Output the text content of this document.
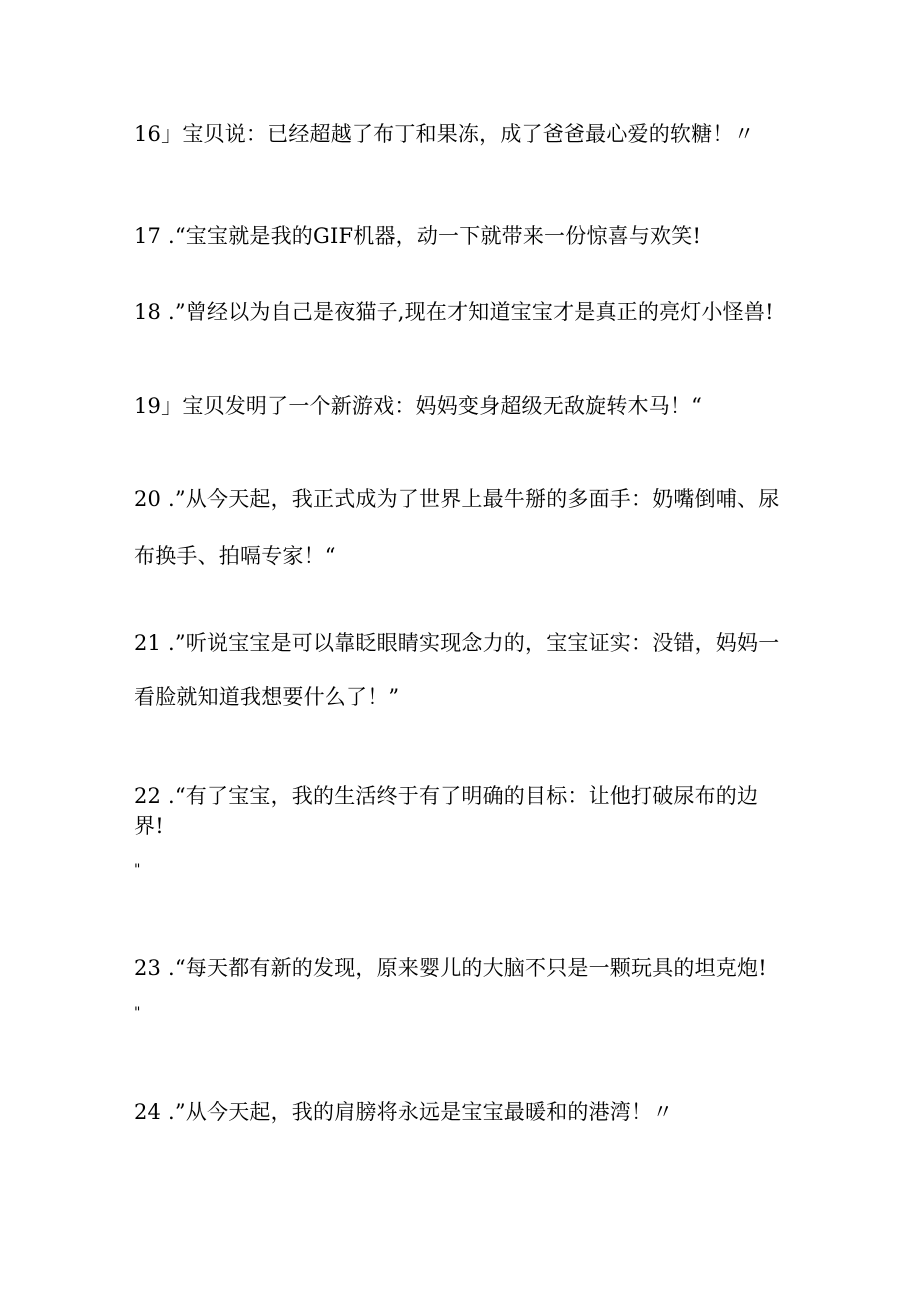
16」宝贝说：已经超越了布丁和果冻，成了爸爸最心爱的软糖！〃
17 .“宝宝就是我的GIF机器，动一下就带来一份惊喜与欢笑!
18 .”曾经以为自己是夜猫子,现在才知道宝宝才是真正的亮灯小怪兽!
19」宝贝发明了一个新游戏：妈妈变身超级无敌旋转木马！“
20 .”从今天起，我正式成为了世界上最牛掰的多面手：奶嘴倒哺、尿
布换手、拍嗝专家！“
21 .”听说宝宝是可以靠眨眼睛实现念力的，宝宝证实：没错，妈妈一
看脸就知道我想要什么了！”
22 .“有了宝宝，我的生活终于有了明确的目标：让他打破尿布的边
界!
"
23 .“每天都有新的发现，原来婴儿的大脑不只是一颗玩具的坦克炮!
"
24 .”从今天起，我的肩膀将永远是宝宝最暖和的港湾！〃
